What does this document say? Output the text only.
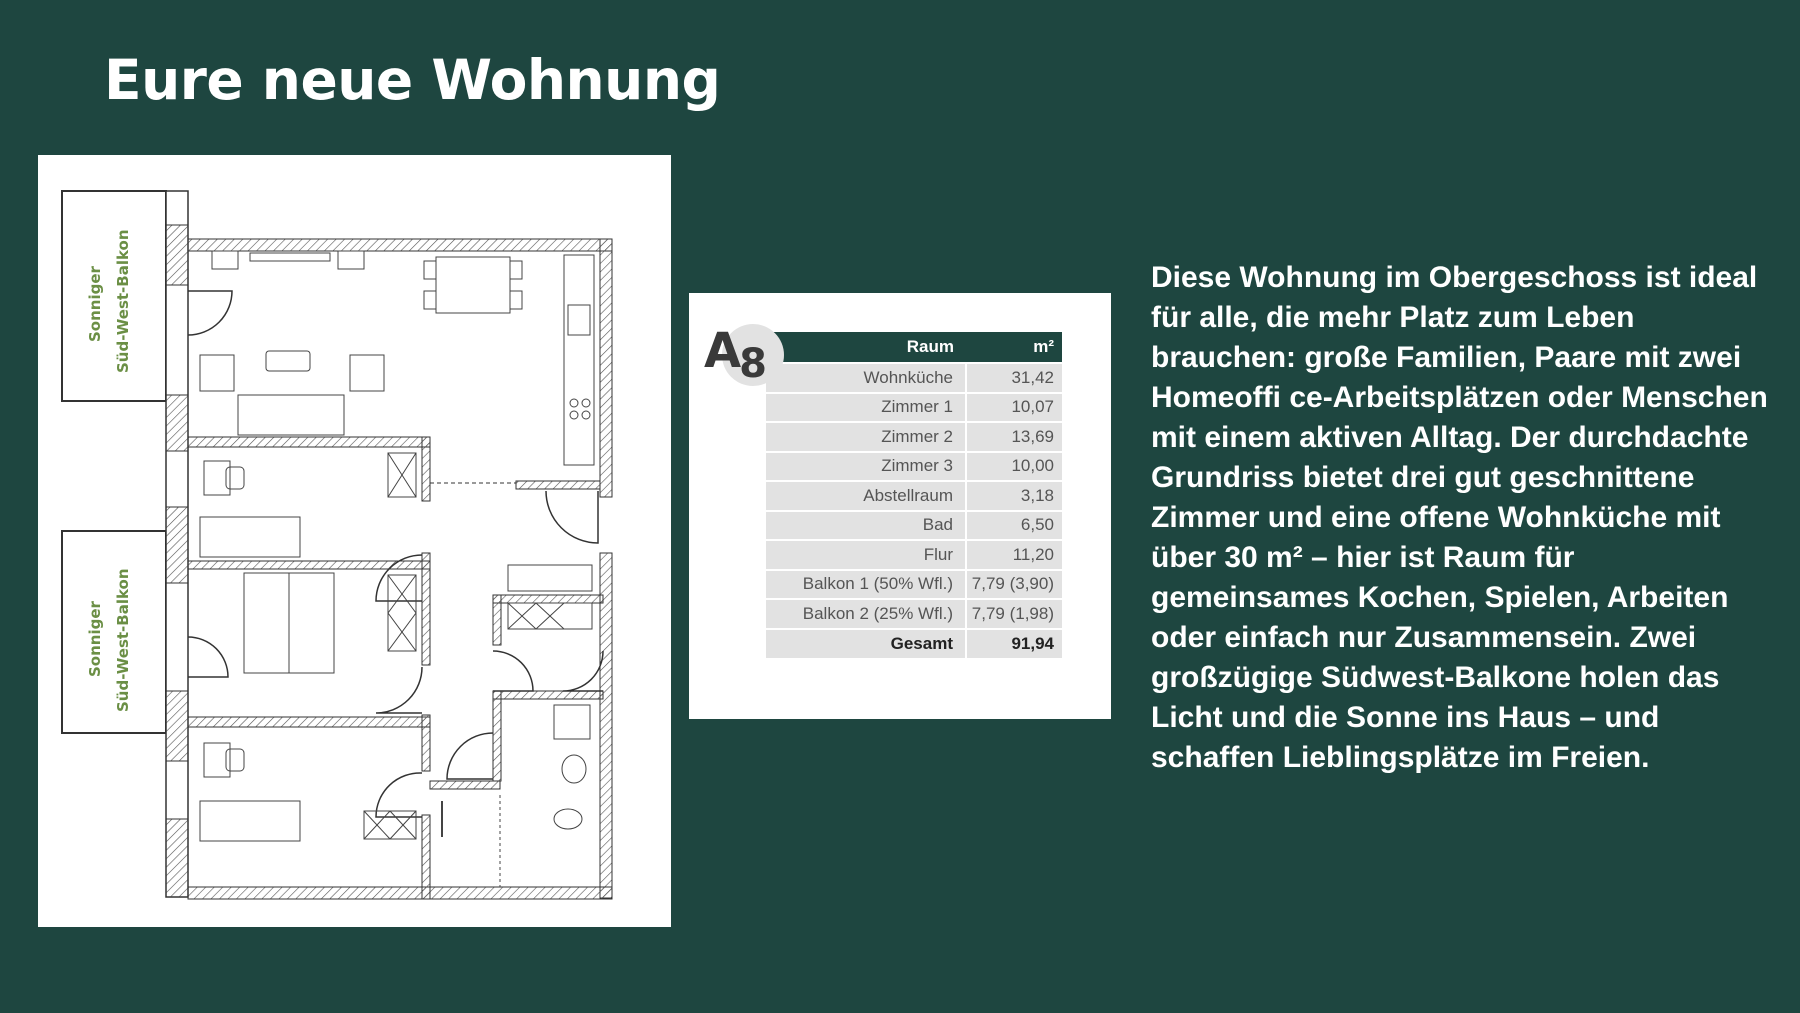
Eure neue Wohnung
Sonniger Süd-West-Balkon
Sonniger Süd-West-Balkon
$A_8$	Raum	m²
Wohnküche	31,42
Zimmer 1	10,07
Zimmer 2	13,69
Zimmer 3	10,00
Abstellraum	3,18
Bad	6,50
Flur	11,20
Balkon 1 (50% Wfl.)	7,79 (3,90)
Balkon 2 (25% Wfl.)	7,79 (1,98)
Gesamt	91,94

Diese Wohnung im Obergeschoss ist ideal für alle, die mehr Platz zum Leben brauchen: große Familien, Paare mit zwei Homeoffi ce-Arbeitsplätzen oder Menschen mit einem aktiven Alltag. Der durchdachte Grundriss bietet drei gut geschnittene Zimmer und eine offene Wohnküche mit über 30 m² – hier ist Raum für gemeinsames Kochen, Spielen, Arbeiten oder einfach nur Zusammensein. Zwei großzügige Südwest-Balkone holen das Licht und die Sonne ins Haus – und schaffen Lieblingsplätze im Freien.
